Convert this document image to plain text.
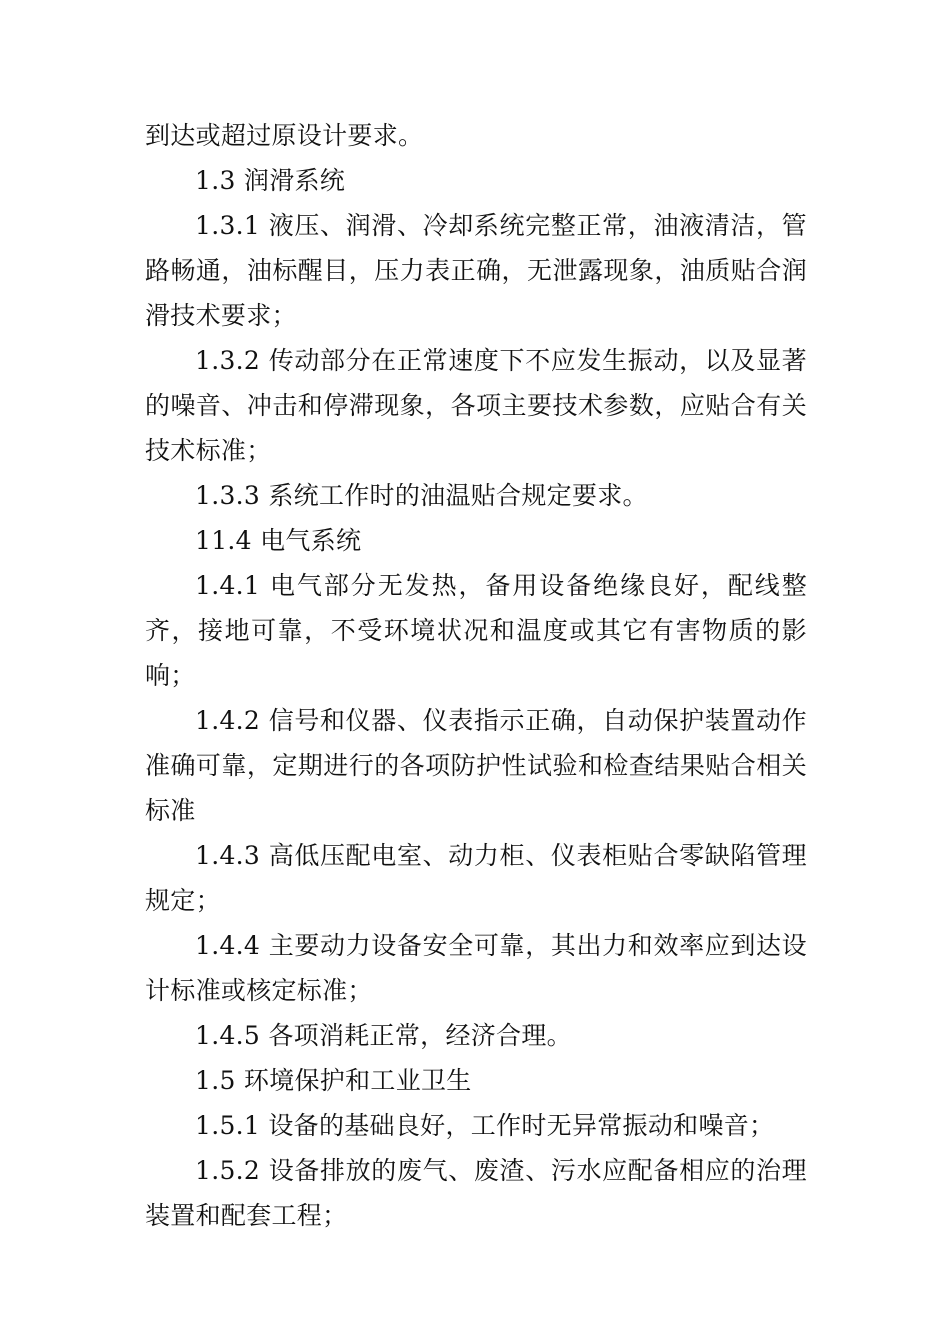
到达或超过原设计要求。

1.3 润滑系统

1.3.1 液压、润滑、冷却系统完整正常，油液清洁，管路畅通，油标醒目，压力表正确，无泄露现象，油质贴合润滑技术要求；

1.3.2 传动部分在正常速度下不应发生振动，以及显著的噪音、冲击和停滞现象，各项主要技术参数，应贴合有关技术标准；

1.3.3 系统工作时的油温贴合规定要求。

11.4 电气系统

1.4.1 电气部分无发热，备用设备绝缘良好，配线整齐，接地可靠，不受环境状况和温度或其它有害物质的影响；

1.4.2 信号和仪器、仪表指示正确，自动保护装置动作准确可靠，定期进行的各项防护性试验和检查结果贴合相关标准

1.4.3 高低压配电室、动力柜、仪表柜贴合零缺陷管理规定；

1.4.4 主要动力设备安全可靠，其出力和效率应到达设计标准或核定标准；

1.4.5 各项消耗正常，经济合理。

1.5 环境保护和工业卫生

1.5.1 设备的基础良好，工作时无异常振动和噪音；

1.5.2 设备排放的废气、废渣、污水应配备相应的治理装置和配套工程；
